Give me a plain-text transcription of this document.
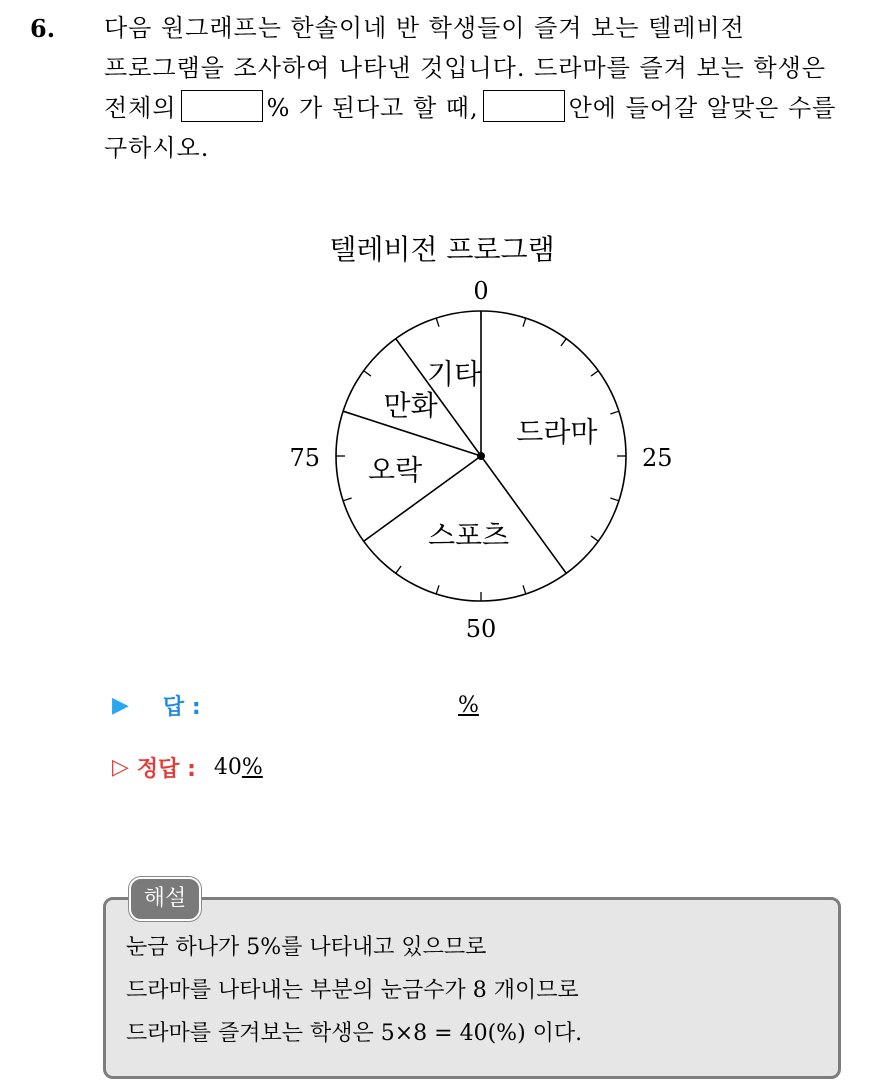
6. 다음 원그래프는 한솔이네 반 학생들이 즐겨 보는 텔레비전
프로그램을 조사하여 나타낸 것입니다. 드라마를 즐겨 보는 학생은
전체의	% 가 된다고 할 때,	안에 들어갈 알맞은 수를
구하시오.
텔레비전 프로그램
드라마
스포츠
오락
만화
기타
0
25
50
75
▶ 답 :	%
▷ 정답 : 40 %
해설
눈금 하나가 5%를 나타내고 있으므로
드라마를 나타내는 부분의 눈금수가 8 개이므로
드라마를 즐겨보는 학생은 5×8 = 40(%) 이다.
